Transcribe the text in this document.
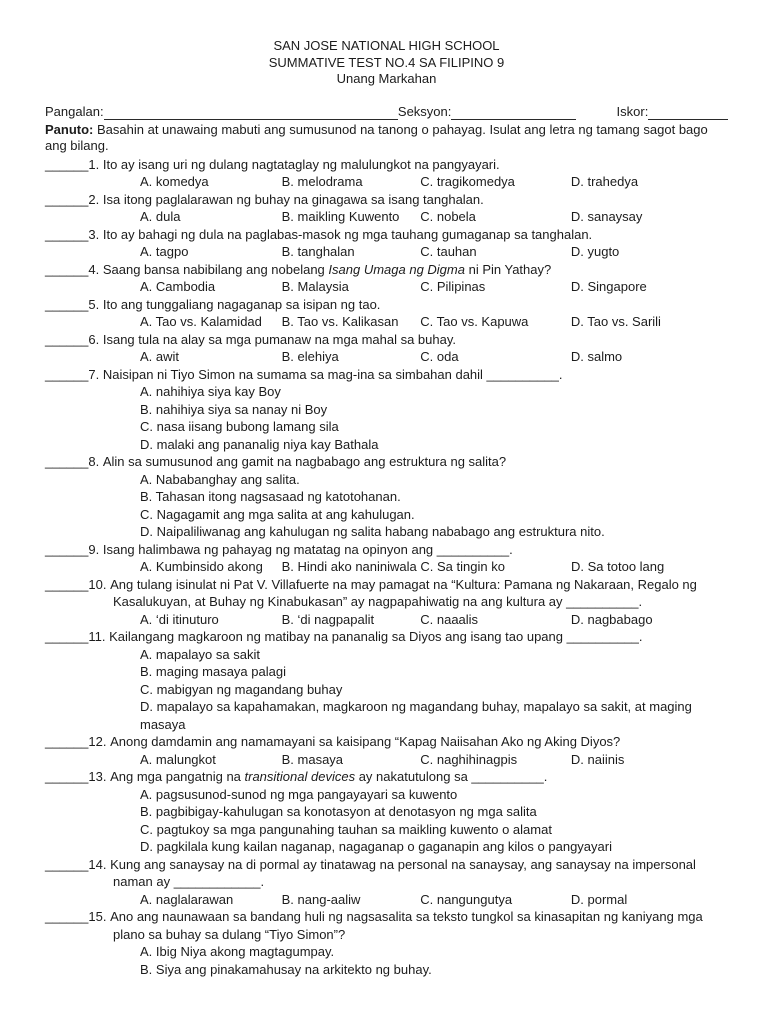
SAN JOSE NATIONAL HIGH SCHOOL
SUMMATIVE TEST NO.4 SA FILIPINO 9
Unang Markahan
Pangalan:	Seksyon:	Iskor:

Panuto: Basahin at unawaing mabuti ang sumusunod na tanong o pahayag. Isulat ang letra ng tamang sagot bago ang bilang.

______1. Ito ay isang uri ng dulang nagtataglay ng malulungkot na pangyayari.
A. komedya	B. melodrama	C. tragikomedya	D. trahedya
______2. Isa itong paglalarawan ng buhay na ginagawa sa isang tanghalan.
A. dula	B. maikling Kuwento C. nobela	D. sanaysay
______3. Ito ay bahagi ng dula na paglabas-masok ng mga tauhang gumaganap sa tanghalan.
A. tagpo	B. tanghalan	C. tauhan	D. yugto
______4. Saang bansa nabibilang ang nobelang Isang Umaga ng Digma ni Pin Yathay?
A. Cambodia	B. Malaysia	C. Pilipinas	D. Singapore
______5. Ito ang tunggaliang nagaganap sa isipan ng tao.
A. Tao vs. Kalamidad B. Tao vs. Kalikasan C. Tao vs. Kapuwa	D. Tao vs. Sarili
______6. Isang tula na alay sa mga pumanaw na mga mahal sa buhay.
A. awit	B. elehiya	C. oda	D. salmo
______7. Naisipan ni Tiyo Simon na sumama sa mag-ina sa simbahan dahil __________.
A. nahihiya siya kay Boy
B. nahihiya siya sa nanay ni Boy
C. nasa iisang bubong lamang sila
D. malaki ang pananalig niya kay Bathala
______8. Alin sa sumusunod ang gamit na nagbabago ang estruktura ng salita?
A. Nababanghay ang salita.
B. Tahasan itong nagsasaad ng katotohanan.
C. Nagagamit ang mga salita at ang kahulugan.
D. Naipaliliwanag ang kahulugan ng salita habang nababago ang estruktura nito.
______9. Isang halimbawa ng pahayag ng matatag na opinyon ang __________.
A. Kumbinsido akong B. Hindi ako naniniwala C. Sa tingin ko	D. Sa totoo lang
______10. Ang tulang isinulat ni Pat V. Villafuerte na may pamagat na “Kultura: Pamana ng Nakaraan, Regalo ng Kasalukuyan, at Buhay ng Kinabukasan” ay nagpapahiwatig na ang kultura ay __________.
A. ‘di itinuturo	B. ‘di nagpapalit	C. naaalis	D. nagbabago
______11. Kailangang magkaroon ng matibay na pananalig sa Diyos ang isang tao upang __________.
A. mapalayo sa sakit
B. maging masaya palagi
C. mabigyan ng magandang buhay
D. mapalayo sa kapahamakan, magkaroon ng magandang buhay, mapalayo sa sakit, at maging masaya
______12. Anong damdamin ang namamayani sa kaisipang “Kapag Naiisahan Ako ng Aking Diyos?
A. malungkot	B. masaya	C. naghihinagpis	D. naiinis
______13. Ang mga pangatnig na transitional devices ay nakatutulong sa __________.
A. pagsusunod-sunod ng mga pangayayari sa kuwento
B. pagbibigay-kahulugan sa konotasyon at denotasyon ng mga salita
C. pagtukoy sa mga pangunahing tauhan sa maikling kuwento o alamat
D. pagkilala kung kailan naganap, nagaganap o gaganapin ang kilos o pangyayari
______14. Kung ang sanaysay na di pormal ay tinatawag na personal na sanaysay, ang sanaysay na impersonal naman ay ____________.
A. naglalarawan	B. nang-aaliw	C. nangungutya	D. pormal
______15. Ano ang naunawaan sa bandang huli ng nagsasalita sa teksto tungkol sa kinasapitan ng kaniyang mga plano sa buhay sa dulang “Tiyo Simon”?
A. Ibig Niya akong magtagumpay.
B. Siya ang pinakamahusay na arkitekto ng buhay.
